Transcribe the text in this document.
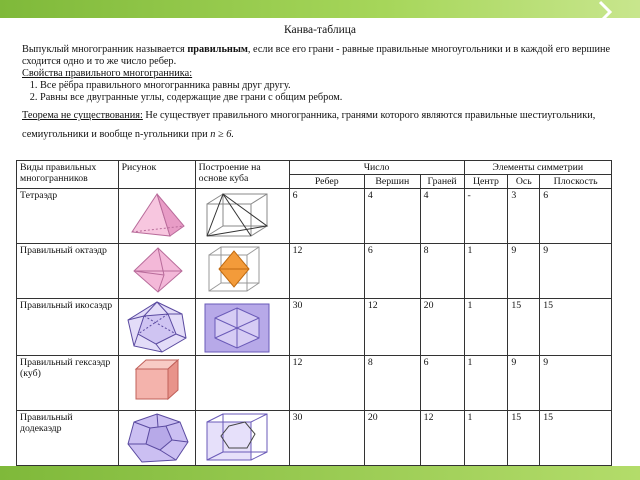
Канва-таблица
Выпуклый многогранник называется правильным, если все его грани - равные правильные многоугольники и в каждой его вершине сходится одно и то же число ребер.
Свойства правильного многогранника:
1. Все рёбра правильного многогранника равны друг другу.
2. Равны все двугранные углы, содержащие две грани с общим ребром.
Теорема не существования: Не существует правильного многогранника, гранями которого являются правильные шестиугольники, семиугольники и вообще n-угольники при n ≥ 6.
Виды правильных многогранников	Рисунок	Построение на основе куба	Число			Элементы симметрии		
			Ребер	Вершин	Граней	Центр	Ось	Плоскость
Тетраэдр			6	4	4	-	3	6
Правильный октаэдр			12	6	8	1	9	9
Правильный икосаэдр			30	12	20	1	15	15
Правильный гексаэдр (куб)			12	8	6	1	9	9
Правильный додекаэдр			30	20	12	1	15	15
